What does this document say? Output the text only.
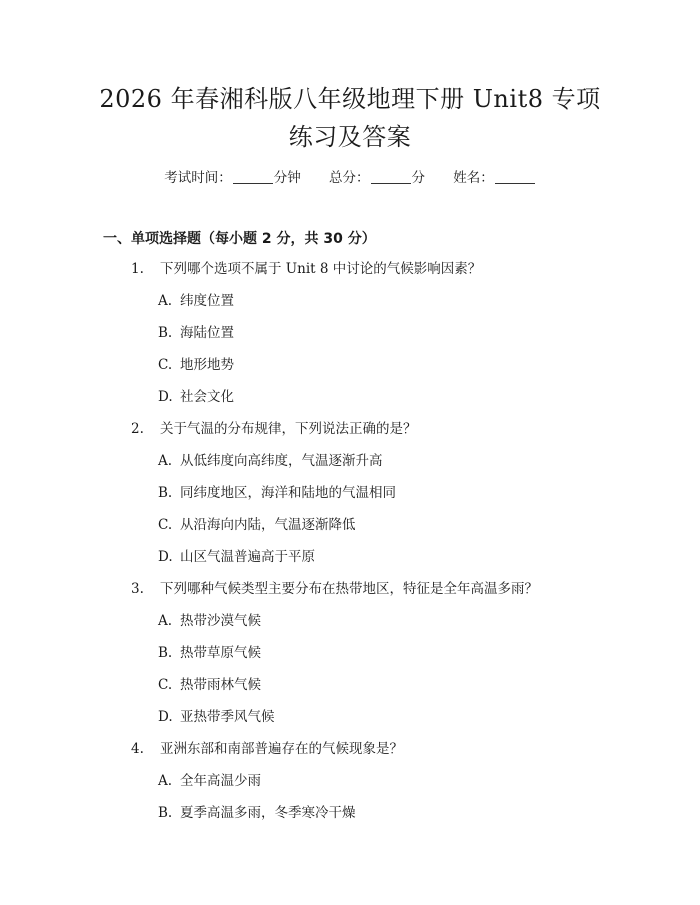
2026 年春湘科版八年级地理下册 Unit8 专项
练习及答案
考试时间：	分钟 总分：	分 姓名：
一、单项选择题（每小题 2 分，共 30 分）
1. 下列哪个选项不属于 Unit 8 中讨论的气候影响因素？
A. 纬度位置
B. 海陆位置
C. 地形地势
D. 社会文化
2. 关于气温的分布规律，下列说法正确的是？
A. 从低纬度向高纬度，气温逐渐升高
B. 同纬度地区，海洋和陆地的气温相同
C. 从沿海向内陆，气温逐渐降低
D. 山区气温普遍高于平原
3. 下列哪种气候类型主要分布在热带地区，特征是全年高温多雨？
A. 热带沙漠气候
B. 热带草原气候
C. 热带雨林气候
D. 亚热带季风气候
4. 亚洲东部和南部普遍存在的气候现象是？
A. 全年高温少雨
B. 夏季高温多雨，冬季寒冷干燥
